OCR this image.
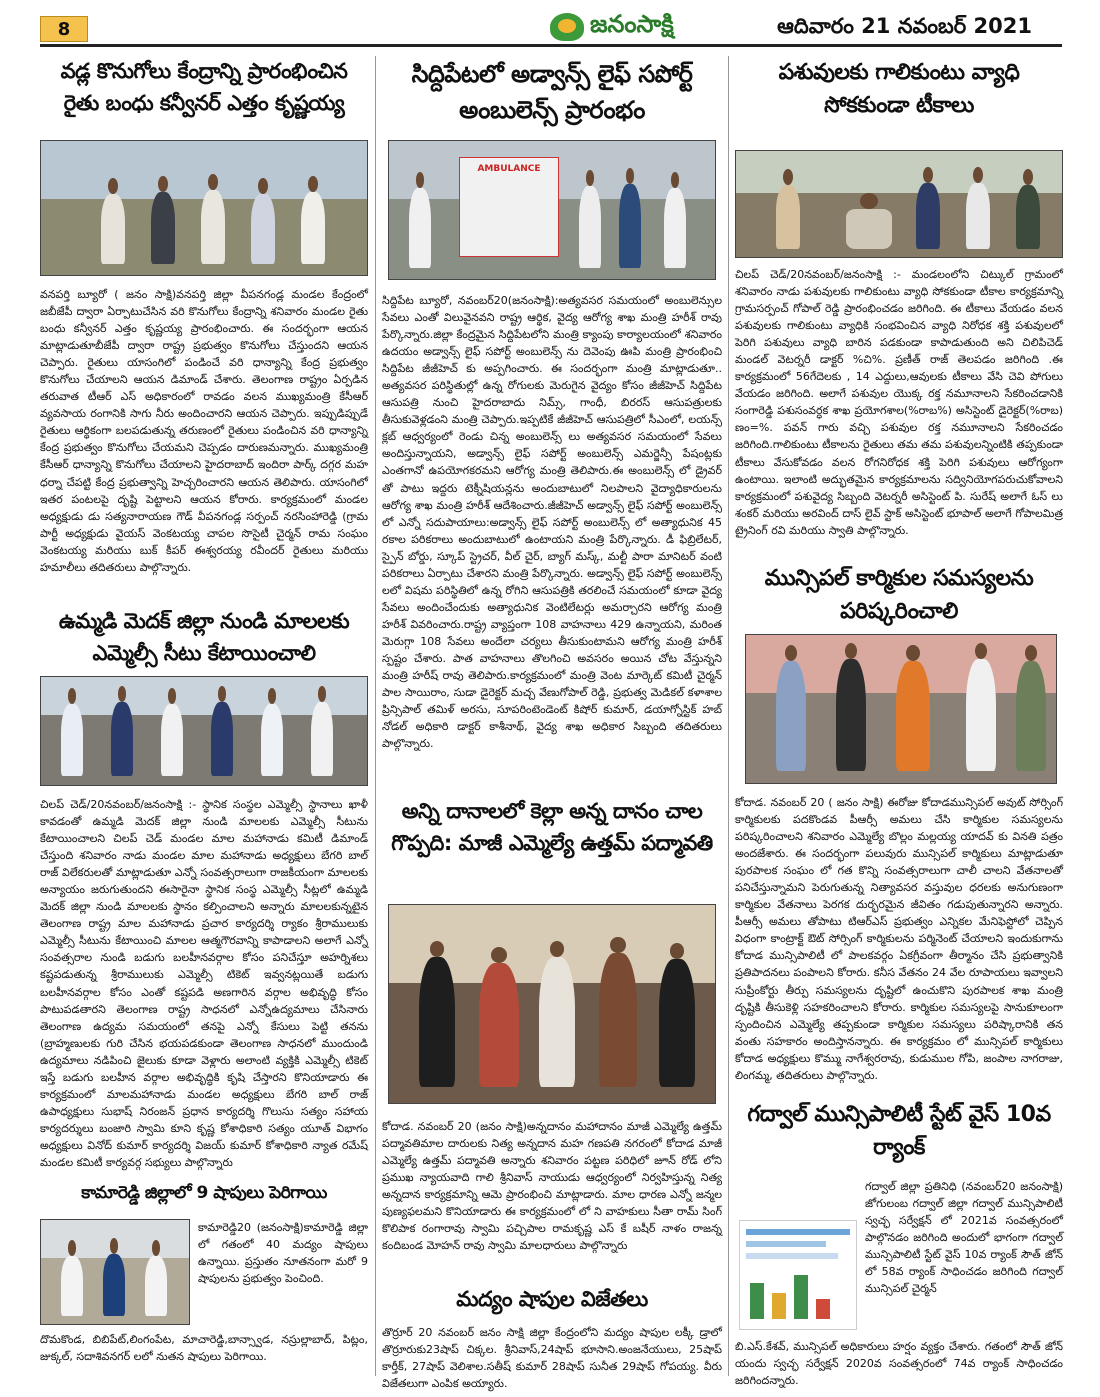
8	జనంసాక్షి	ఆదివారం 21 నవంబర్ 2021
వడ్ల కొనుగోలు కేంద్రాన్ని ప్రారంభించిన రైతు బంధు కన్వీనర్ ఎత్తం కృష్ణయ్య
వనపర్తి బ్యూరో ( జనం సాక్షి)వనపర్తి జిల్లా వీపనగండ్ల మండల కేంద్రంలో జబీజేపీ ద్వారా ఏర్పాటుచేసిన వరి కొనుగోలు కేంద్రాన్ని శనివారం మండల రైతు బంధు కన్వీనర్ ఎత్తం కృష్ణయ్య ప్రారంభించారు. ఈ సందర్భంగా ఆయన మాట్లాడుతూబీజేపీ ద్వారా రాష్ట్ర ప్రభుత్వం కొనుగోలు చేస్తుందని ఆయన చెప్పారు. రైతులు యాసంగిలో పండించే వరి ధాన్యాన్ని కేంద్ర ప్రభుత్వం కొనుగోలు చేయాలని ఆయన డిమాండ్ చేశారు. తెలంగాణ రాష్ట్రం ఏర్పడిన తరువాత టీఆర్ ఎస్ అధికారంలో రావడం వలన ముఖ్యమంత్రి కేసీఆర్ వ్యవసాయ రంగానికి సాగు నీరు అందించారని ఆయన చెప్పారు. ఇప్పుడిప్పుడే రైతులు ఆర్థికంగా బలపడుతున్న తరుణంలో రైతులు పండించిన వరి ధాన్యాన్ని కేంద్ర ప్రభుత్వం కొనుగోలు చేయమని చెప్పడం దారుణమన్నారు. ముఖ్యమంత్రి కేసీఆర్ ధాన్యాన్ని కొనుగోలు చేయాలని హైదరాబాద్ ఇందిరా పార్క్ దగ్గర మహ ధర్నా చేపట్టి కేంద్ర ప్రభుత్వాన్ని హెచ్చరించారని ఆయన తెలిపారు. యాసంగిలో ఇతర పంటలపై దృష్టి పెట్టాలని ఆయన కోరారు. కార్యక్రమంలో మండల అధ్యక్షుడు డు సత్యనారాయణ గౌడ్ వీపనగండ్ల సర్పంచ్ నరసింహారెడ్డి (గ్రామ పార్టీ అధ్యక్షుడు వైయస్ వెంకటయ్య చాపల సొసైటీ చైర్మన్ రామ సంఘం వెంకటయ్య మరియు బుక్ కీపర్ ఈశ్వరయ్య రవీందర్ రైతులు మరియు హమాలీలు తదితరులు పాల్గొన్నారు.
ఉమ్మడి మెదక్ జిల్లా నుండి మాలలకు ఎమ్మెల్సీ సీటు కేటాయించాలి
చిలప్ చెడ్/20నవంబర్/జనంసాక్షి :- స్థానిక సంస్థల ఎమ్మెల్సీ స్థానాలు ఖాళీ కావడంతో ఉమ్మడి మెదక్ జిల్లా నుండి మాలలకు ఎమ్మెల్సీ సీటును కేటాయించాలని చిలప్ చెడ్ మండల మాల మహానాడు కమిటీ డిమాండ్ చేస్తుంది శనివారం నాడు మండల మాల మహానాడు అధ్యక్షులు బేగరి బాల్ రాజ్ విలేకరులతో మాట్లాడుతూ ఎన్నో సంవత్సరాలుగా రాజకీయంగా మాలలకు అన్యాయం జరుగుతుందని ఈసారైనా స్థానిక సంస్థ ఎమ్మెల్సీ సీట్లలో ఉమ్మడి మెదక్ జిల్లా నుండి మాలలకు స్థానం కల్పించాలని అన్నారు మాలలకున్నటైన తెలంగాణ రాష్ట్ర మాల మహానాడు ప్రచార కార్యదర్శి ర్యాకం శ్రీరాములుకు ఎమ్మెల్సీ సీటును కేటాయించి మాలల ఆత్మగౌరవాన్ని కాపాడాలని అలాగే ఎన్నో సంవత్సరాల నుండి బడుగు బలహీనవర్గాల కోసం పనిచేస్తూ అహర్నిశలు కష్టపడుతున్న శ్రీరాములుకు ఎమ్మెల్సీ టికెట్ ఇవ్వనట్లయితే బడుగు బలహీనవర్గాల కోసం ఎంతో కష్టపడి అణగారిన వర్గాల అభివృద్ధి కోసం పాటుపడతారని తెలంగాణ రాష్ట్ర సాధనలో ఎన్నోఉద్యమాలు చేసినారు తెలంగాణ ఉద్యమ సమయంలో తనపై ఎన్నో కేసులు పెట్టి తనను (బ్రాహ్మణులకు గురి చేసిన భయపడకుండా తెలంగాణ సాధనలో ముందుండి ఉద్యమాలు నడిపించి జైలుకు కూడా వెళ్లారు అలాంటి వ్యక్తికి ఎమ్మెల్సీ టికెట్ ఇస్తే బడుగు బలహీన వర్గాల అభివృద్ధికి కృషి చేస్తారని కొనియాడారు ఈ కార్యక్రమంలో మాలమహానాడు మండల అధ్యక్షులు బేగరి బాల్ రాజ్ ఉపాధ్యక్షులు సుభాష్ నిరంజన్ ప్రధాన కార్యదర్శి గొలుసు సత్యం సహాయ కార్యదర్శులు బంజారి స్వామి కూని కృష్ణ కోశాధికారి సత్యం యూత్ విభాగం అధ్యక్షులు వినోద్ కుమార్ కార్యదర్శి విజయ్ కుమార్ కోశాధికారి న్యాత రమేష్ మండల కమిటీ కార్యవర్గ సభ్యులు పాల్గొన్నారు
కామారెడ్డి జిల్లాలో 9 షాపులు పెరిగాయి
కామారెడ్డి20 (జనంసాక్షి)కామారెడ్డి జిల్లా లో గతంలో 40 మద్యం షాపులు ఉన్నాయి. ప్రస్తుతం నూతనంగా మరో 9 షాపులను ప్రభుత్వం పెంచింది.
దొమకొండ, బిబిపేట్,లింగంపేట, మాచారెడ్డి,బాన్స్వాడ, నస్రుల్లాబాద్, పిట్లం, జుక్కల్, సదాశివనగర్ లలో నుతన షాపులు పెరిగాయి.
సిద్దిపేటలో అడ్వాన్స్ లైఫ్ సపోర్ట్ అంబులెన్స్ ప్రారంభం
AMBULANCE
సిద్దిపేట బ్యూరో, నవంబర్20(జనంసాక్షి):అత్యవసర సమయంలో అంబులెన్సుల సేవలు ఎంతో విలువైనవని రాష్ట్ర ఆర్థిక, వైద్య ఆరోగ్య శాఖ మంత్రి హరీశ్ రావు పేర్కొన్నారు.జిల్లా కేంద్రమైన సిద్దిపేటలోని మంత్రి క్యాంపు కార్యాలయంలో శనివారం ఉదయం అడ్వాన్స్ లైఫ్ సపోర్ట్ అంబులెన్స్ ను దెవెంపు ఊపి మంత్రి ప్రారంభించి సిద్దిపేట జీజీహెచ్ కు అప్పగించారు. ఈ సందర్భంగా మంత్రి మాట్లాడుతూ.. అత్యవసర పరిస్థితుల్లో ఉన్న రోగులకు మెరుగైన వైద్యం కోసం జీజీహెచ్ సిద్దిపేట ఆసుపత్రి నుంచి హైదరాబాదు నిమ్స్, గాంధీ, బిరరస్ ఆసుపత్రులకు తీసుకువెళ్లడంని మంత్రి చెప్పారు.ఇప్పటికే జీజీహెచ్ ఆసుపత్రిలో సీఎంలో, లయన్స్ క్లబ్ ఆధ్వర్యంలో రెండు చిన్న అంబులెన్స్ లు అత్యవసర సమయంలో సేవలు అందిస్తున్నాయని, అడ్వాన్స్ లైఫ్ సపోర్ట్ అంబులెన్స్ ఎమర్జెన్సీ పేషంట్లకు ఎంతగానో ఉపయోగకరమని ఆరోగ్య మంత్రి తెలిపారు.ఈ అంబులెన్స్ లో డ్రైవర్ తో పాటు ఇద్దరు టెక్నీషియన్లను అందుబాటులో నిలపాలని వైద్యాధికారులను ఆరోగ్య శాఖ మంత్రి హరీశ్ ఆదేశించారు.జీజీహెచ్ అడ్వాన్స్ లైఫ్ సపోర్ట్ అంబులెన్స్ లో ఎన్నో సదుపాయాలు:అడ్వాన్స్ లైఫ్ సపోర్ట్ అంబులెన్స్ లో అత్యాధునిక 45 రకాల పరికరాలు అందుబాటులో ఉంటాయని మంత్రి పేర్కొన్నారు. డీ ఫిబ్రిలేటర్, స్పైన్ బోర్డు, స్కూప్ స్ట్రెచర్, వీల్ చైర్, బ్యాగ్ మస్క్, మల్టీ పారా మానిటర్ వంటి పరికరాలు ఏర్పాటు చేశారని మంత్రి పేర్కొన్నారు. అడ్వాన్స్ లైఫ్ సపోర్ట్ అంబులెన్స్ లలో విషమ పరిస్థితిలో ఉన్న రోగిని ఆసుపత్రికి తరలించే సమయంలో కూడా వైద్య సేవలు అందించేందుకు అత్యాధునిక వెంటిలేటర్లు అమర్చారని ఆరోగ్య మంత్రి హరీశ్ వివరించారు.రాష్ట్ర వ్యాప్తంగా 108 వాహనాలు 429 ఉన్నాయని, మరింత మెరుగ్గా 108 సేవలు అందేలా చర్యలు తీసుకుంటామని ఆరోగ్య మంత్రి హరీశ్ స్పష్టం చేశారు. పాత వాహనాలు తొలగించి అవసరం అయిన చోట వేస్తున్నని మంత్రి హరీష్ రావు తెలిపారు.కార్యక్రమంలో మంత్రి వెంట మార్కెట్ కమిటీ చైర్మన్ పాల సాయిరాం, సుడా డైరెక్టర్ మచ్చ వేణుగోపాల్ రెడ్డి, ప్రభుత్వ మెడికల్ కళాశాల ప్రిన్సిపాల్ తమిళ్ అరసు, సూపరింటెండెంట్ కిషోర్ కుమార్, డయాగ్నోస్టిక్ హబ్ నోడల్ అధికారి డాక్టర్ కాశీనాథ్, వైద్య శాఖ అధికార సిబ్బంది తదితరులు పాల్గొన్నారు.
అన్ని దానాలలో కెల్లా అన్న దానం చాల గొప్పది: మాజీ ఎమ్మెల్యే ఉత్తమ్ పద్మావతి
కోదాడ. నవంబర్ 20 (జనం సాక్షి)అన్నదానం మహాదానం మాజీ ఎమ్మెల్యే ఉత్తమ్ పద్మావతిమాల దారులకు నిత్య అన్నదాన మహ గణపతి నగరంలో కోదాడ మాజీ ఎమ్మెల్యే ఉత్తమ్ పద్మావతి అన్నారు శనివారం పట్టణ పరిధిలో జూన్ రోడ్ లోని ప్రముఖ న్యాయవాది గాలి శ్రీనివాస్ నాయుడు ఆధ్వర్యంలో నిర్వహిస్తున్న నిత్య అన్నదాన కార్యక్రమాన్ని ఆమె ప్రారంభించి మాట్లాడారు. మాల ధారణ ఎన్నో జన్మల పుణ్యఫలమని కొనియాడారు ఈ కార్యక్రమంలో లో ని వాహకులు సీతా రామ్ సింగ్ కొలిపాక రంగారావు స్వామి పచ్చిపాల రామకృష్ణ ఎస్ కే బషీర్ నాళం రాజన్న కందిబండ మోహన్ రావు స్వామి మాలధారులు పాల్గొన్నారు
మద్యం షాపుల విజేతలు
తొర్రూర్ 20 నవంబర్ జనం సాక్షి జిల్లా కేంద్రంలోని మద్యం షాపుల లక్కీ డ్రాలో తొర్రూరుకు23షాప్ చిక్కల. శ్రీనివాస్,24షాప్ భూసాని.అంజనేయులు, 25షాప్ కార్తీక్, 27షాప్ వెలిశాల.సతీష్ కుమార్ 28షాప్ సునీత 29షాప్ గోపయ్య. వీరు విజేతలుగా ఎంపిక అయ్యారు.
పశువులకు గాలికుంటు వ్యాధి సోకకుండా టీకాలు
చిలప్ చెడ్/20నవంబర్/జనంసాక్షి :- మండలంలోని చిట్కుల్ గ్రామంలో శనివారం నాడు పశువులకు గాలికుంటు వ్యాధి సోకకుండా టీకాల కార్యక్రమాన్ని గ్రామసర్పంచ్ గోపాల్ రెడ్డి ప్రారంభించడం జరిగింది. ఈ టీకాలు వేయడం వలన పశువులకు గాలికుంటు వ్యాధికి సంభవించిన వ్యాధి నిరోధక శక్తి పశువులలో పెరిగి పశువులు వ్యాధి బారిన పడకుండా కాపాడుతుంది అని చిలిపిచెడ్ మండల్ వెటర్నరీ డాక్టర్ %చి%. ప్రణీత్ రాజ్ తెలపడం జరిగింది .ఈ కార్యక్రమంలో 56గేదెలకు , 14 ఎద్దులు,ఆవులకు టీకాలు వేసి చెవి పోగులు వేయడం జరిగింది. అలాగే పశువుల యొక్క రక్త నమూనాలని సేకరించడానికి సంగారెడ్డి పశుసంవర్ధక శాఖ ప్రయోగశాల(%రాబ%) అసిస్టెంట్ డైరెక్టర్(%రాబ) ణం=%. పవన్ గారు వచ్చి పశువుల రక్త నమూనాలని సేకరించడం జరిగింది.గాలికుంటు టీకాలను రైతులు తమ తమ పశువులన్నింటికి తప్పకుండా టీకాలు వేసుకోవడం వలన రోగనిరోధక శక్తి పెరిగి పశువులు ఆరోగ్యంగా ఉంటాయి. ఇలాంటి అద్భుతమైన కార్యక్రమాలను సద్వినియోగపరుచుకోవాలని కార్యక్రమంలో పశువైద్య సిబ్బంది వెటర్నరీ అసిస్టెంట్ పి. సురేష్ అలాగే ఓస్ లు శంకర్ మరియు అరవింద్ దాస్ లైవ్ స్టాక్ అసిస్టెంట్ భూపాల్ అలాగే గోపాలమిత్ర ట్రైనింగ్ రవి మరియు స్వాతి పాల్గొన్నారు.
మున్సిపల్ కార్మికుల సమస్యలను పరిష్కరించాలి
కోదాడ. నవంబర్ 20 ( జనం సాక్షి) ఈరోజు కోదాడమున్సిపల్ అవుట్ సోర్సింగ్ కార్మికులకు పదకొండవ పీఆర్సీ అమలు చేసి కార్మికుల సమస్యలను పరిష్కరించాలని శనివారం ఎమ్మెల్యే బొల్లం మల్లయ్య యాదవ్ కు వినతి పత్రం అందజేశారు. ఈ సందర్భంగా పలువురు మున్సిపల్ కార్మికులు మాట్లాడుతూ పురపాలక సంఘం లో గత కొన్ని సంవత్సరాలుగా చాలీ చాలని వేతనాలతో పనిచేస్తున్నామని పెరుగుతున్న నిత్యావసర వస్తువుల ధరలకు అనుగుణంగా కార్మికుల వేతనాలు పెరగక దుర్భరమైన జీవితం గడుపుతున్నారని అన్నారు. పీఆర్సీ అమలు తోపాటు టిఆర్ఎస్ ప్రభుత్వం ఎన్నికల మేనిఫెస్టోలో చెప్పిన విధంగా కాంట్రాక్ట్ ఔట్ సోర్సింగ్ కార్మికులను పర్మినెంట్ చేయాలని ఇందుకుగాను కోదాడ మున్సిపాలిటీ లో పాలకవర్గం ఏకగ్రీవంగా తీర్మానం చేసి ప్రభుత్వానికి ప్రతిపాదనలు పంపాలని కోరారు. కనీస వేతనం 24 వేల రూపాయలు ఇవ్వాలని సుప్రీంకోర్టు తీర్పు సమస్యలను దృష్టిలో ఉంచుకొని పురపాలక శాఖ మంత్రి దృష్టికి తీసుకెళ్లి సహకరించాలని కోరారు. కార్మికుల సమస్యలపై సానుకూలంగా స్పందించిన ఎమ్మెల్యే తప్పకుండా కార్మికుల సమస్యలు పరిష్కారానికి తన వంతు సహకారం అందిస్తానన్నారు. ఈ కార్యక్రమం లో మున్సిపల్ కార్మికులు కోదాడ అధ్యక్షులు కొమ్ము నాగేశ్వరరావు, కుడుముల గోపి, జంపాల నాగరాజు, లింగమ్మ, తదితరులు పాల్గొన్నారు.
గద్వాల్ మున్సిపాలిటీ స్టేట్ వైస్ 10వ ర్యాంక్
గద్వాల్ జిల్లా ప్రతినిధి (నవంబర్20 జనంసాక్షి) జోగులంబ గద్వాల్ జిల్లా గద్వాల్ మున్సిపాలిటీ స్వచ్ఛ సర్వేక్షన్ లో 2021వ సంవత్సరంలో పాల్గొనడం జరిగింది అందులో భాగంగా గద్వాల్ మున్సిపాలిటీ స్టేట్ వైస్ 10వ ర్యాంక్ సౌత్ జోన్ లో 58వ ర్యాంక్ సాధించడం జరిగింది గద్వాల్ మున్సిపల్ చైర్మన్
బి.ఎస్.కేశవ్, మున్సిపల్ అధికారులు హర్షం వ్యక్తం చేశారు. గతంలో సౌత్ జోన్ యందు స్వచ్ఛ సర్వేక్షన్ 2020వ సంవత్సరంలో 74వ ర్యాంక్ సాధించడం జరిగిందన్నారు.
